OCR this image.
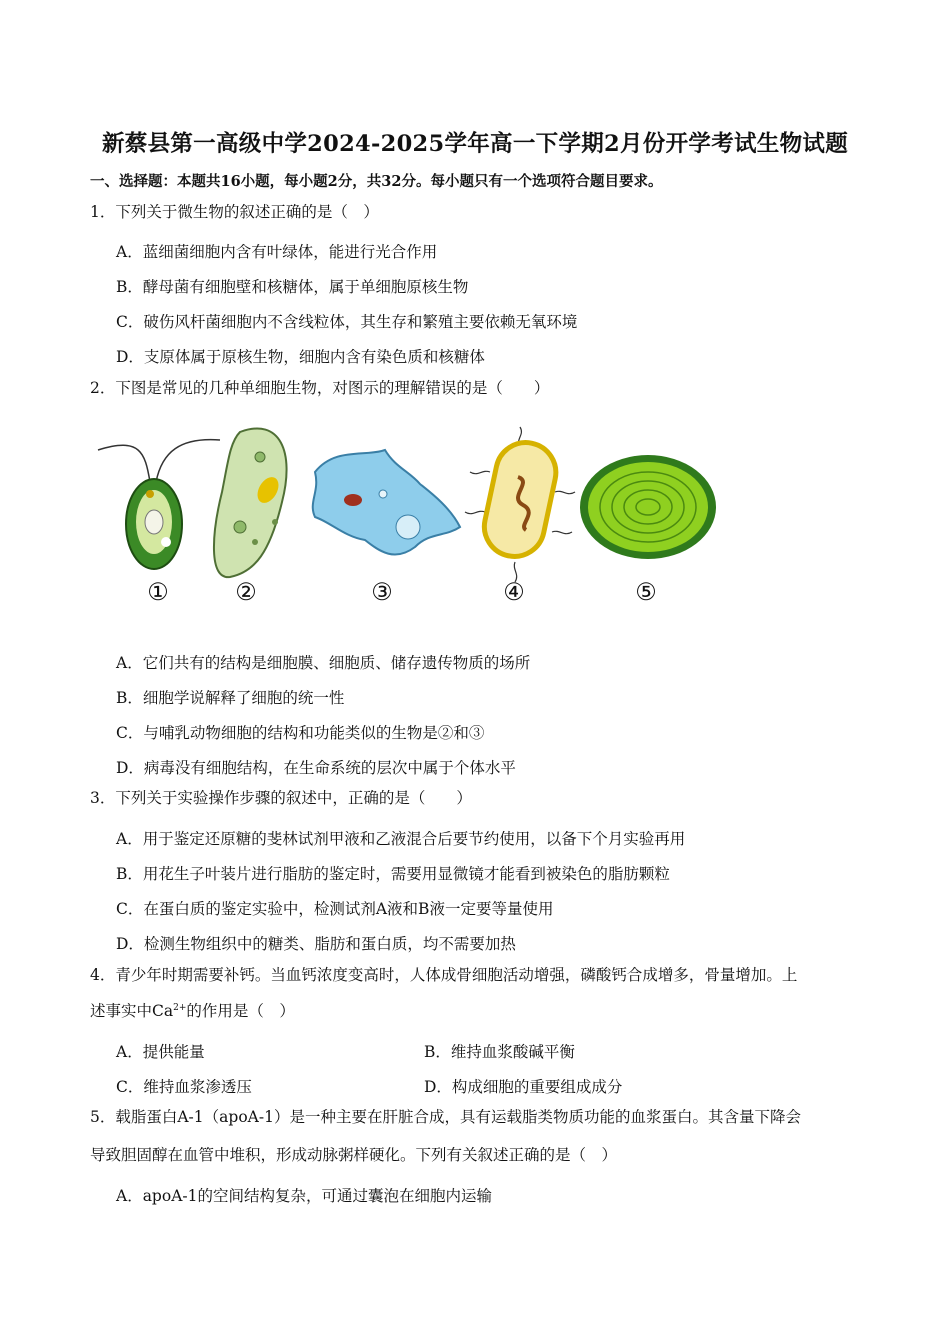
新蔡县第一高级中学2024-2025学年高一下学期2月份开学考试生物试题
一、选择题：本题共16小题，每小题2分，共32分。每小题只有一个选项符合题目要求。
1．下列关于微生物的叙述正确的是（　）
A．蓝细菌细胞内含有叶绿体，能进行光合作用
B．酵母菌有细胞壁和核糖体，属于单细胞原核生物
C．破伤风杆菌细胞内不含线粒体，其生存和繁殖主要依赖无氧环境
D．支原体属于原核生物，细胞内含有染色质和核糖体
2．下图是常见的几种单细胞生物，对图示的理解错误的是（　　）
①	②	③	④	⑤
A．它们共有的结构是细胞膜、细胞质、储存遗传物质的场所
B．细胞学说解释了细胞的统一性
C．与哺乳动物细胞的结构和功能类似的生物是②和③
D．病毒没有细胞结构，在生命系统的层次中属于个体水平
3．下列关于实验操作步骤的叙述中，正确的是（　　）
A．用于鉴定还原糖的斐林试剂甲液和乙液混合后要节约使用，以备下个月实验再用
B．用花生子叶装片进行脂肪的鉴定时，需要用显微镜才能看到被染色的脂肪颗粒
C．在蛋白质的鉴定实验中，检测试剂A液和B液一定要等量使用
D．检测生物组织中的糖类、脂肪和蛋白质，均不需要加热
4．青少年时期需要补钙。当血钙浓度变高时，人体成骨细胞活动增强，磷酸钙合成增多，骨量增加。上
述事实中$Ca^{2+}$的作用是（　）
A．提供能量	B．维持血浆酸碱平衡
C．维持血浆渗透压	D．构成细胞的重要组成成分
5．载脂蛋白A-1（apoA-1）是一种主要在肝脏合成，具有运载脂类物质功能的血浆蛋白。其含量下降会
导致胆固醇在血管中堆积，形成动脉粥样硬化。下列有关叙述正确的是（　）
A．apoA-1的空间结构复杂，可通过囊泡在细胞内运输
